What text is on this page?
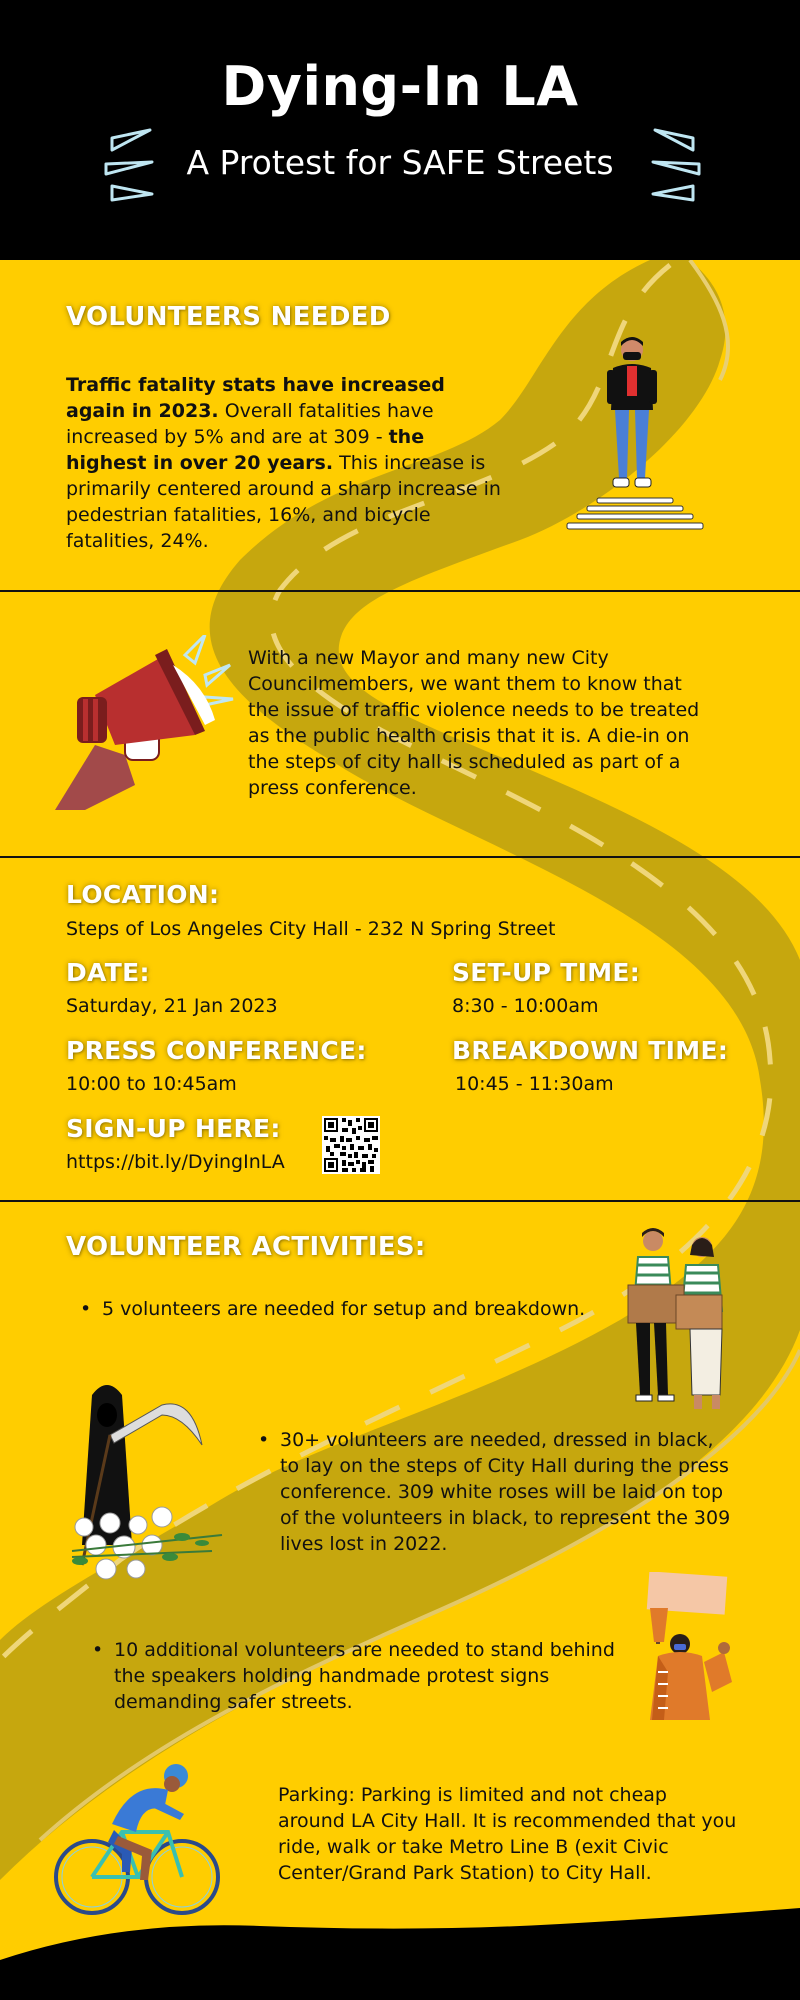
Dying-In LA
A Protest for SAFE Streets
VOLUNTEERS NEEDED
Traffic fatality stats have increased again in 2023. Overall fatalities have increased by 5% and are at 309 - the highest in over 20 years. This increase is primarily centered around a sharp increase in pedestrian fatalities, 16%, and bicycle fatalities, 24%.
With a new Mayor and many new City Councilmembers, we want them to know that the issue of traffic violence needs to be treated as the public health crisis that it is. A die-in on the steps of city hall is scheduled as part of a press conference.
LOCATION:
Steps of Los Angeles City Hall - 232 N Spring Street
DATE:
Saturday, 21 Jan 2023
SET-UP TIME:
8:30 - 10:00am
PRESS CONFERENCE:
10:00 to 10:45am
BREAKDOWN TIME:
10:45 - 11:30am
SIGN-UP HERE:
https://bit.ly/DyingInLA
VOLUNTEER ACTIVITIES:
• 5 volunteers are needed for setup and breakdown.
• 30+ volunteers are needed, dressed in black, to lay on the steps of City Hall during the press conference. 309 white roses will be laid on top of the volunteers in black, to represent the 309 lives lost in 2022.
• 10 additional volunteers are needed to stand behind the speakers holding handmade protest signs demanding safer streets.
Parking: Parking is limited and not cheap around LA City Hall. It is recommended that you ride, walk or take Metro Line B (exit Civic Center/Grand Park Station) to City Hall.
